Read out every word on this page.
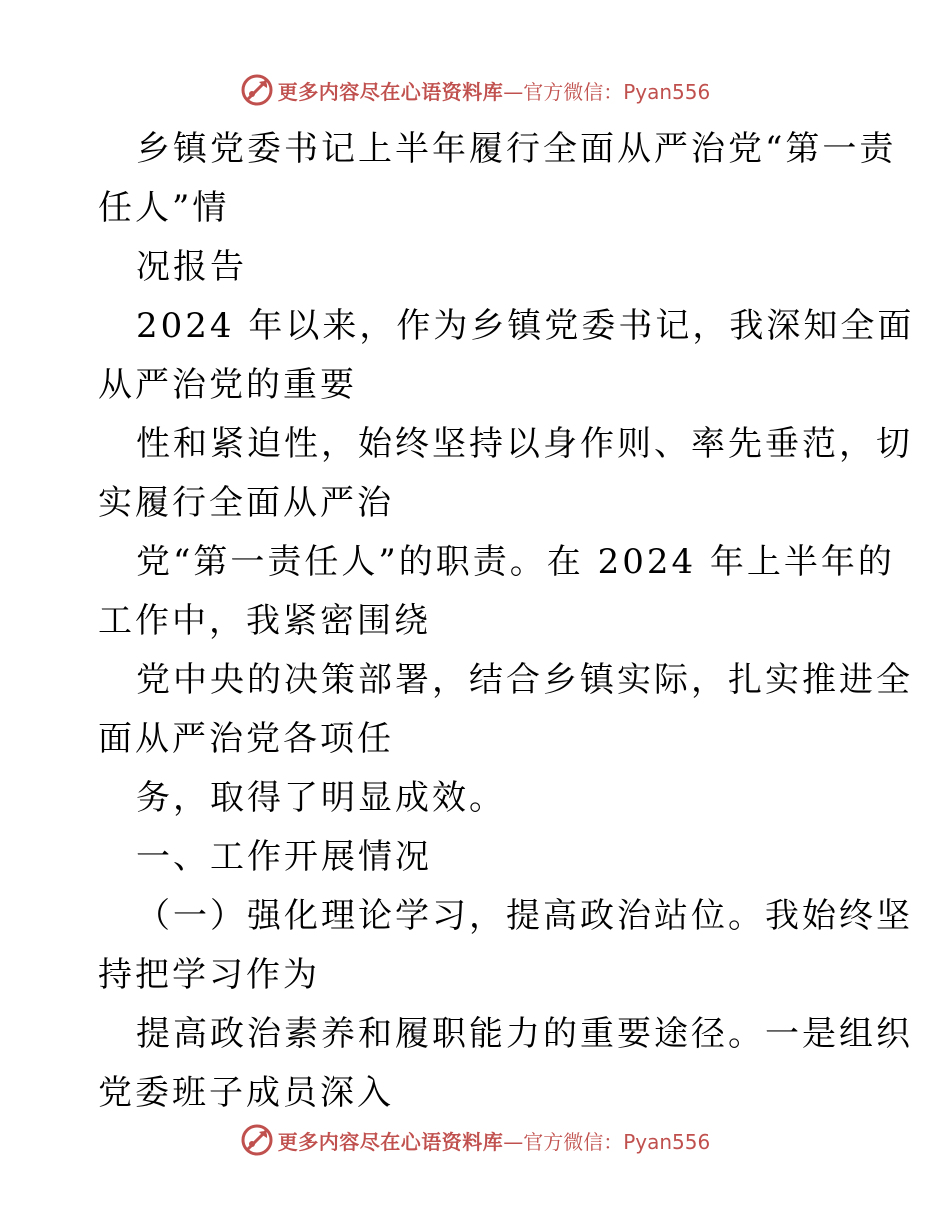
更多内容尽在心语资料库 —官方微信：Pyan556
乡镇党委书记上半年履行全面从严治党“第一责
任人”情
况报告
2024 年以来，作为乡镇党委书记，我深知全面
从严治党的重要
性和紧迫性，始终坚持以身作则、率先垂范，切
实履行全面从严治
党“第一责任人”的职责。在 2024 年上半年的
工作中，我紧密围绕
党中央的决策部署，结合乡镇实际，扎实推进全
面从严治党各项任
务，取得了明显成效。
一、工作开展情况
（一）强化理论学习，提高政治站位。我始终坚
持把学习作为
提高政治素养和履职能力的重要途径。一是组织
党委班子成员深入
更多内容尽在心语资料库 —官方微信：Pyan556
